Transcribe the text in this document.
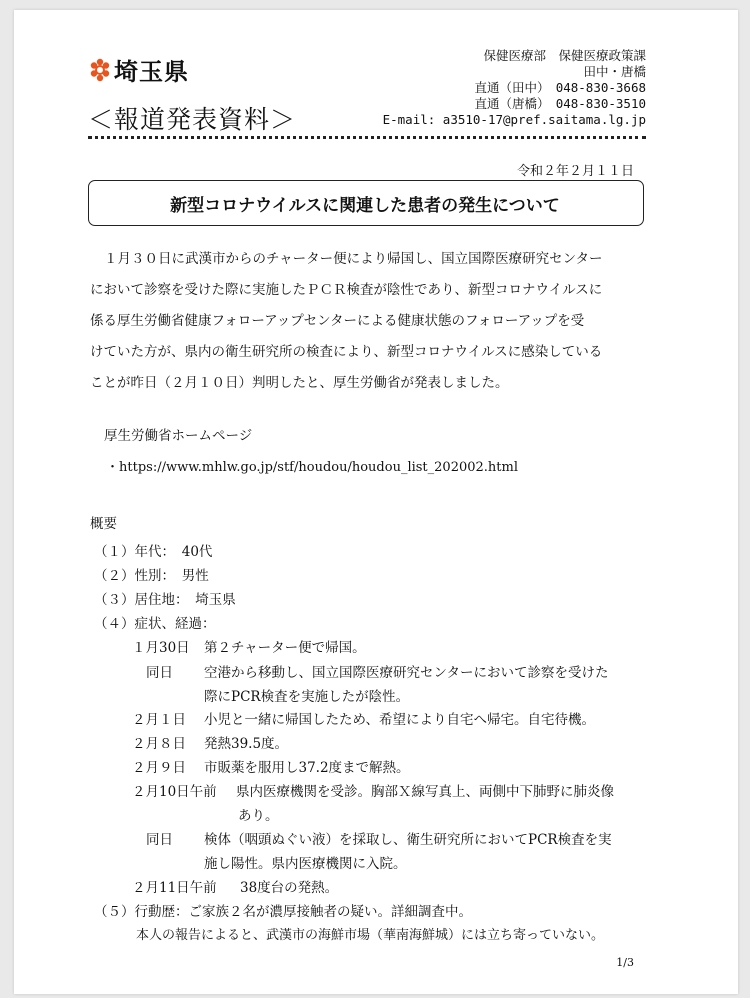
埼玉県
＜報道発表資料＞
保健医療部　保健医療政策課
田中・唐橋
直通（田中）　048-830-3668
直通（唐橋）　048-830-3510
E-mail: a3510-17@pref.saitama.lg.jp
令和２年２月１１日
新型コロナウイルスに関連した患者の発生について
１月３０日に武漢市からのチャーター便により帰国し、国立国際医療研究センター
において診察を受けた際に実施したＰＣＲ検査が陰性であり、新型コロナウイルスに
係る厚生労働省健康フォローアップセンターによる健康状態のフォローアップを受
けていた方が、県内の衛生研究所の検査により、新型コロナウイルスに感染している
ことが昨日（２月１０日）判明したと、厚生労働省が発表しました。
厚生労働省ホームページ
・https://www.mhlw.go.jp/stf/houdou/houdou_list_202002.html
概要
（１）年代：　40代
（２）性別：　男性
（３）居住地：　埼玉県
（４）症状、経過：
１月30日 第２チャーター便で帰国。
同日 空港から移動し、国立国際医療研究センターにおいて診察を受けた
際にPCR検査を実施したが陰性。
２月１日 小児と一緒に帰国したため、希望により自宅へ帰宅。自宅待機。
２月８日 発熱39.5度。
２月９日 市販薬を服用し37.2度まで解熱。
２月10日午前 県内医療機関を受診。胸部Ｘ線写真上、両側中下肺野に肺炎像
あり。
同日 検体（咽頭ぬぐい液）を採取し、衛生研究所においてPCR検査を実
施し陽性。県内医療機関に入院。
２月11日午前 38度台の発熱。
（５）行動歴：ご家族２名が濃厚接触者の疑い。詳細調査中。
本人の報告によると、武漢市の海鮮市場（華南海鮮城）には立ち寄っていない。
1/3
